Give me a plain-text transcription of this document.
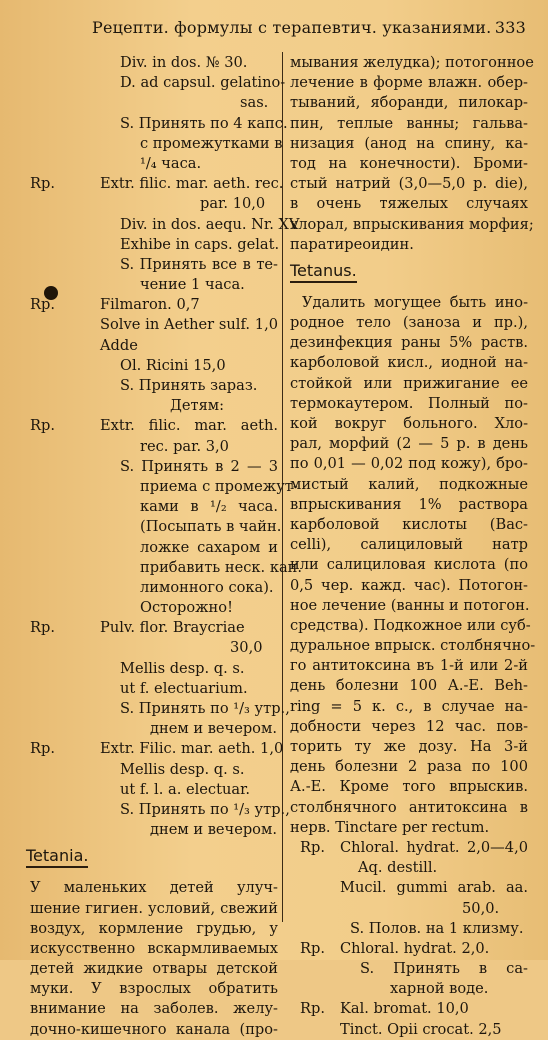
Рецепти. формулы с терапевтич. указаниями. 333
Div. in dos. № 30.
D. ad capsul. gelatino-
sas.
S. Принять по 4 капс.
с промежутками в
¹/₄ часа.
Rp.	Extr. filic. mar. aeth. rec.
par. 10,0
Div. in dos. aequ. Nr. XV
Exhibe in caps. gelat.
S. Принять все в те-
чение 1 часа.
Rp.	Filmaron. 0,7
Solve in Aether sulf. 1,0
Adde
Ol. Ricini 15,0
S. Принять зараз.
Детям:
Rp.	Extr. filic. mar. aeth.
rec. par. 3,0
S. Принять в 2 — 3
приема с промежут-
ками в ¹/₂ часа.
(Посыпать в чайн.
ложке сахаром и
прибавить неск. кап.
лимонного сока).
Осторожно!
Rp.	Pulv. flor. Braycriae
30,0
Mellis desp. q. s.
ut f. electuarium.
S. Принять по ¹/₃ утр.,
днем и вечером.
Rp.	Extr. Filic. mar. aeth. 1,0
Mellis desp. q. s.
ut f. l. a. electuar.
S. Принять по ¹/₃ утр.,
днем и вечером.
Tetania.
У маленьких детей улуч-
шение гигиен. условий, свежий
воздух, кормление грудью, у
искусственно вскармливаемых
детей жидкие отвары детской
муки. У взрослых обратить
внимание на заболев. желу-
дочно-кишечного канала (про-
мывания желудка); потогонное
лечение в форме влажн. обер-
тываний, яборанди, пилокар-
пин, теплые ванны; гальва-
низация (анод на спину, ка-
тод на конечности). Броми-
стый натрий (3,0—5,0 p. die),
в очень тяжелых случаях
хлорал, впрыскивания морфия;
паратиреоидин.
Tetanus.
Удалить могущее быть ино-
родное тело (заноза и пр.),
дезинфекция раны 5% раств.
карболовой кисл., иодной на-
стойкой или прижигание ее
термокаутером. Полный по-
кой вокруг больного. Хло-
рал, морфий (2 — 5 р. в день
по 0,01 — 0,02 под кожу), бро-
мистый калий, подкожные
впрыскивания 1% раствора
карболовой кислоты (Вас-
celli), салициловый натр
или салициловая кислота (по
0,5 чер. кажд. час). Потогон-
ное лечение (ванны и потогон.
средства). Подкожное или суб-
дуральное впрыск. столбнячно-
го антитоксина въ 1-й или 2-й
день болезни 100 А.-Е. Beh-
ring = 5 к. с., в случае на-
добности через 12 час. пов-
торить ту же дозу. На 3-й
день болезни 2 раза по 100
А.-Е. Кроме того впрыскив.
столбнячного антитоксина в
нерв. Tinctare per rectum.
Rp. Chloral. hydrat. 2,0—4,0
Aq. destill.
Mucil. gummi arab. aa.
50,0.
S. Полов. на 1 клизму.
Rp. Chloral. hydrat. 2,0.
S. Принять в са-
харной воде.
Rp. Kal. bromat. 10,0
Tinct. Opii crocat. 2,5
